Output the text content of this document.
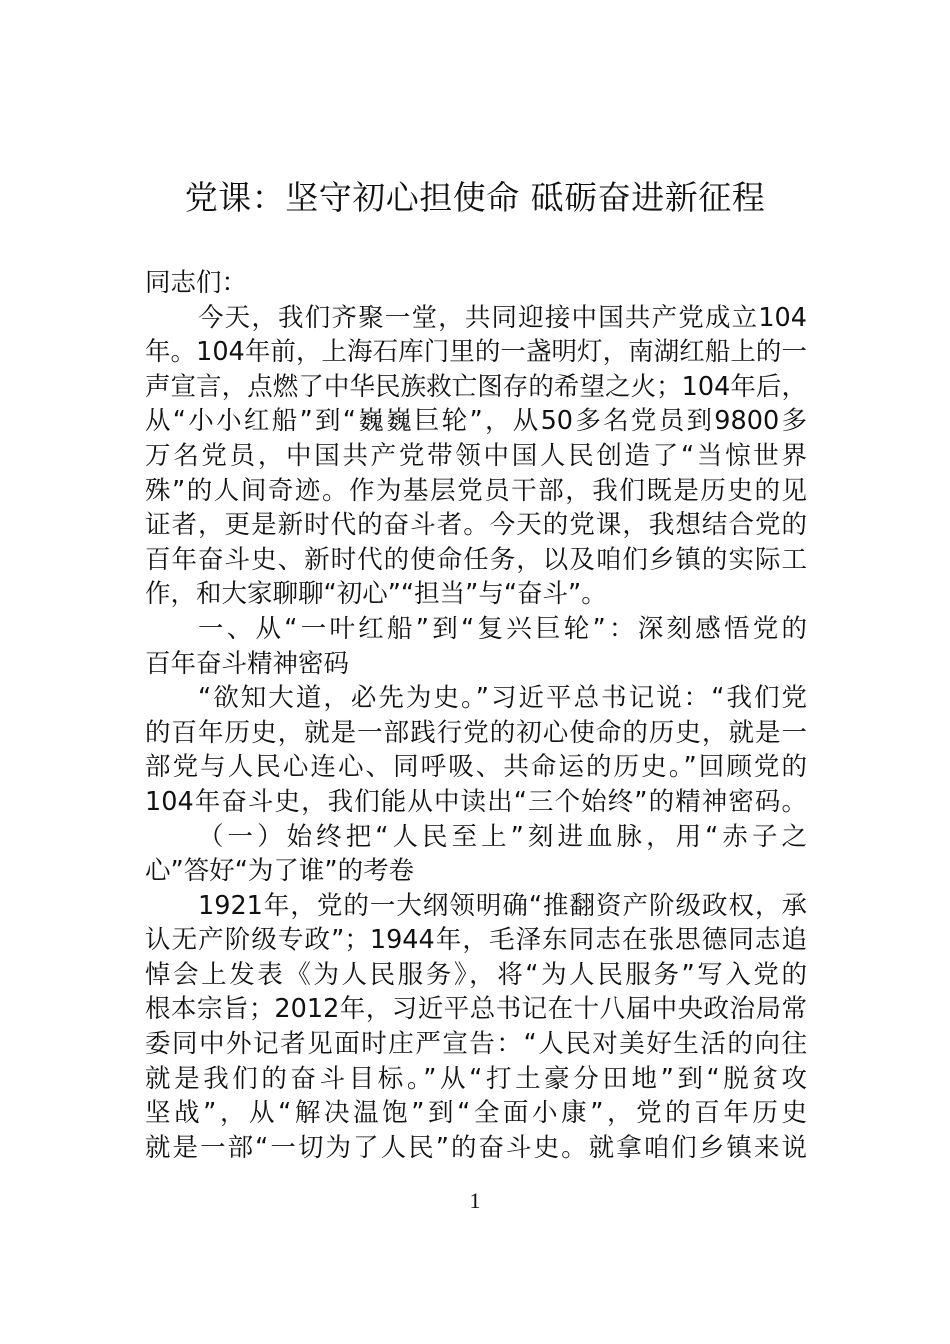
党课：坚守初心担使命 砥砺奋进新征程
同志们：
今天，我们齐聚一堂，共同迎接中国共产党成立104
年。104年前，上海石库门里的一盏明灯，南湖红船上的一
声宣言，点燃了中华民族救亡图存的希望之火；104年后，
从“小小红船”到“巍巍巨轮”，从50多名党员到9800多
万名党员，中国共产党带领中国人民创造了“当惊世界
殊”的人间奇迹。作为基层党员干部，我们既是历史的见
证者，更是新时代的奋斗者。今天的党课，我想结合党的
百年奋斗史、新时代的使命任务，以及咱们乡镇的实际工
作，和大家聊聊“初心”“担当”与“奋斗”。
一、从“一叶红船”到“复兴巨轮”：深刻感悟党的
百年奋斗精神密码
“欲知大道，必先为史。”习近平总书记说：“我们党
的百年历史，就是一部践行党的初心使命的历史，就是一
部党与人民心连心、同呼吸、共命运的历史。”回顾党的
104年奋斗史，我们能从中读出“三个始终”的精神密码。
（一）始终把“人民至上”刻进血脉，用“赤子之
心”答好“为了谁”的考卷
1921年，党的一大纲领明确“推翻资产阶级政权，承
认无产阶级专政”；1944年，毛泽东同志在张思德同志追
悼会上发表《为人民服务》，将“为人民服务”写入党的
根本宗旨；2012年，习近平总书记在十八届中央政治局常
委同中外记者见面时庄严宣告：“人民对美好生活的向往
就是我们的奋斗目标。”从“打土豪分田地”到“脱贫攻
坚战”，从“解决温饱”到“全面小康”，党的百年历史
就是一部“一切为了人民”的奋斗史。就拿咱们乡镇来说
1
